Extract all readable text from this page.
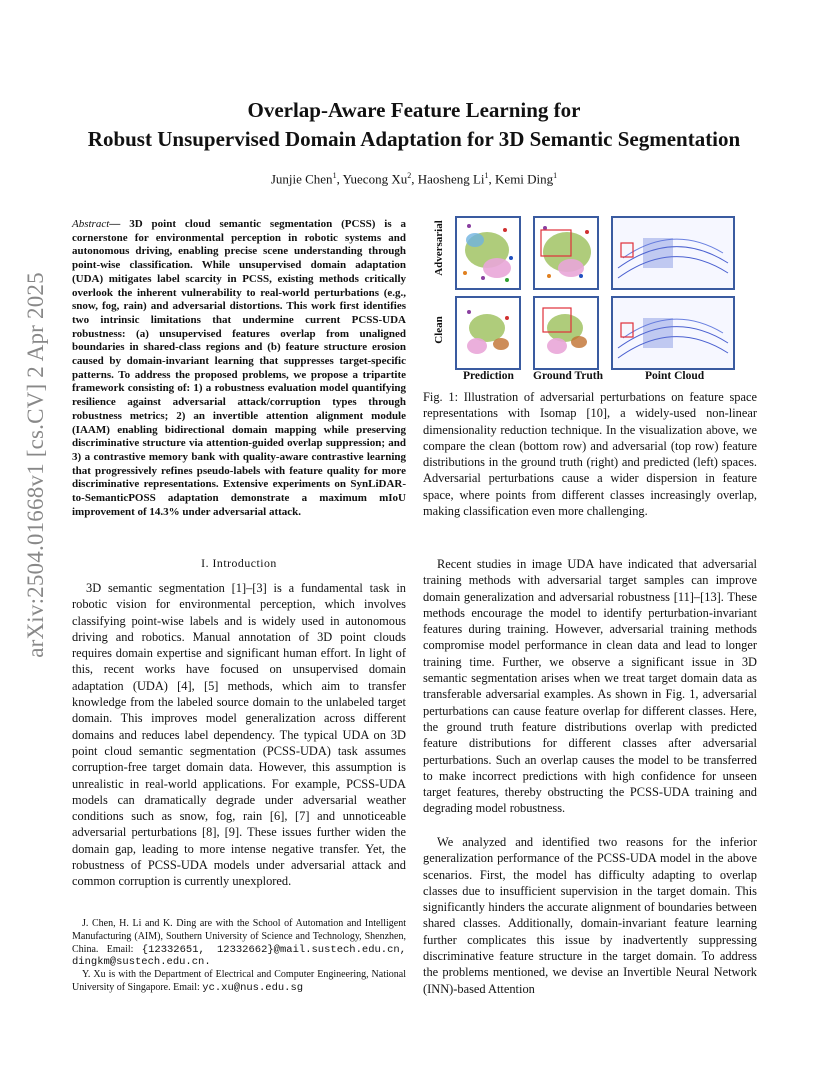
arXiv:2504.01668v1 [cs.CV] 2 Apr 2025
Overlap-Aware Feature Learning for
Robust Unsupervised Domain Adaptation for 3D Semantic Segmentation
Junjie Chen$^1$, Yuecong Xu$^2$, Haosheng Li$^1$, Kemi Ding$^1$
Abstract— 3D point cloud semantic segmentation (PCSS) is a cornerstone for environmental perception in robotic systems and autonomous driving, enabling precise scene understanding through point-wise classification. While unsupervised domain adaptation (UDA) mitigates label scarcity in PCSS, existing methods critically overlook the inherent vulnerability to real-world perturbations (e.g., snow, fog, rain) and adversarial distortions. This work first identifies two intrinsic limitations that undermine current PCSS-UDA robustness: (a) unsupervised features overlap from unaligned boundaries in shared-class regions and (b) feature structure erosion caused by domain-invariant learning that suppresses target-specific patterns. To address the proposed problems, we propose a tripartite framework consisting of: 1) a robustness evaluation model quantifying resilience against adversarial attack/corruption types through robustness metrics; 2) an invertible attention alignment module (IAAM) enabling bidirectional domain mapping while preserving discriminative structure via attention-guided overlap suppression; and 3) a contrastive memory bank with quality-aware contrastive learning that progressively refines pseudo-labels with feature quality for more discriminative representations. Extensive experiments on SynLiDAR-to-SemanticPOSS adaptation demonstrate a maximum mIoU improvement of 14.3% under adversarial attack.
I. Introduction
3D semantic segmentation [1]–[3] is a fundamental task in robotic vision for environmental perception, which involves classifying point-wise labels and is widely used in autonomous driving and robotics. Manual annotation of 3D point clouds requires domain expertise and significant human effort. In light of this, recent works have focused on unsupervised domain adaptation (UDA) [4], [5] methods, which aim to transfer knowledge from the labeled source domain to the unlabeled target domain. This improves model generalization across different domains and reduces label dependency. The typical UDA on 3D point cloud semantic segmentation (PCSS-UDA) task assumes corruption-free target domain data. However, this assumption is unrealistic in real-world applications. For example, PCSS-UDA models can dramatically degrade under adversarial weather conditions such as snow, fog, rain [6], [7] and unnoticeable adversarial perturbations [8], [9]. These issues further widen the domain gap, leading to more intense negative transfer. Yet, the robustness of PCSS-UDA models under adversarial attack and common corruption is currently unexplored.

J. Chen, H. Li and K. Ding are with the School of Automation and Intelligent Manufacturing (AIM), Southern University of Science and Technology, Shenzhen, China. Email: {12332651, 12332662}@mail.sustech.edu.cn, dingkm@sustech.edu.cn.

Y. Xu is with the Department of Electrical and Computer Engineering, National University of Singapore. Email: yc.xu@nus.edu.sg

Adversarial
Clean
Prediction Ground Truth	Point Cloud
Fig. 1: Illustration of adversarial perturbations on feature space representations with Isomap [10], a widely-used non-linear dimensionality reduction technique. In the visualization above, we compare the clean (bottom row) and adversarial (top row) feature distributions in the ground truth (right) and predicted (left) spaces. Adversarial perturbations cause a wider dispersion in feature space, where points from different classes increasingly overlap, making classification even more challenging.
Recent studies in image UDA have indicated that adversarial training methods with adversarial target samples can improve domain generalization and adversarial robustness [11]–[13]. These methods encourage the model to identify perturbation-invariant features during training. However, adversarial training methods compromise model performance in clean data and lead to longer training time. Further, we observe a significant issue in 3D semantic segmentation arises when we treat target domain data as transferable adversarial examples. As shown in Fig. 1, adversarial perturbations can cause feature overlap for different classes. Here, the ground truth feature distributions overlap with predicted feature distributions for different classes after adversarial perturbations. Such an overlap causes the model to be transferred to make incorrect predictions with high confidence for unseen target features, thereby obstructing the PCSS-UDA training and degrading model robustness.
We analyzed and identified two reasons for the inferior generalization performance of the PCSS-UDA model in the above scenarios. First, the model has difficulty adapting to overlap classes due to insufficient supervision in the target domain. This significantly hinders the accurate alignment of boundaries between shared classes. Additionally, domain-invariant feature learning further complicates this issue by inadvertently suppressing discriminative feature structure in the target domain. To address the problems mentioned, we devise an Invertible Neural Network (INN)-based Attention
